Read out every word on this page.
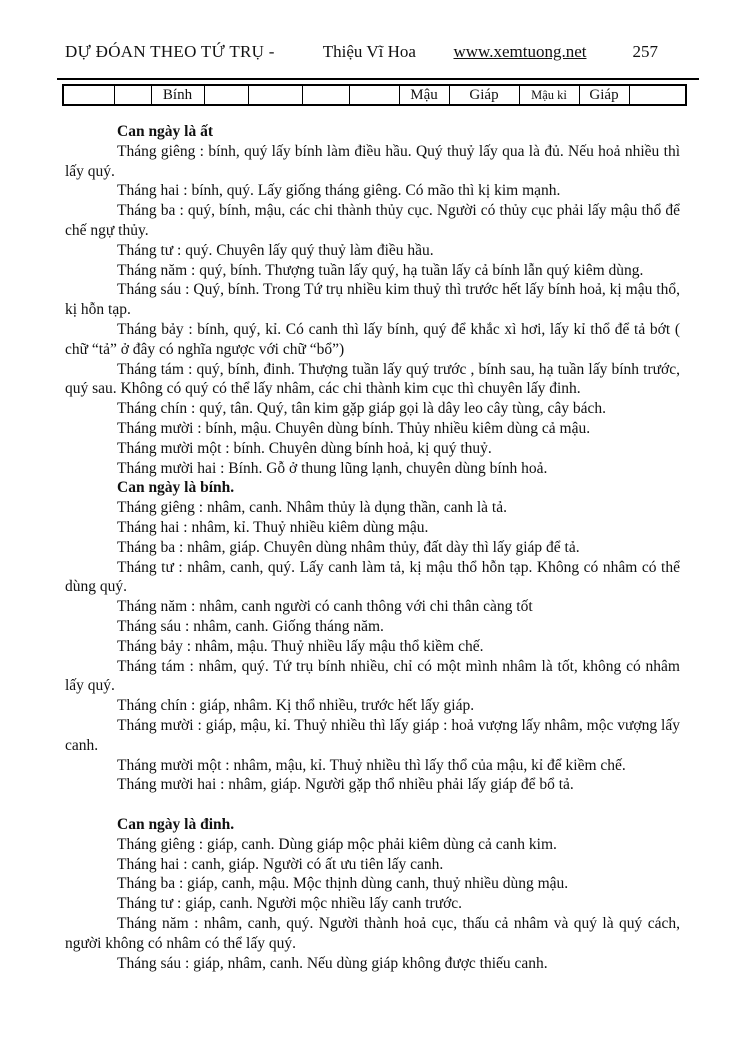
DỰ ĐÓAN THEO TỨ TRỤ -	Thiệu Vĩ Hoa www.xemtuong.net	257
		Bính					Mậu	Giáp	Mậu kỉ	Giáp	
Can ngày là ất

Tháng giêng : bính, quý lấy bính làm điều hầu. Quý thuỷ lấy qua là đủ. Nếu hoả nhiều thì lấy quý.

Tháng hai : bính, quý. Lấy giống tháng giêng. Có mão thì kị kim mạnh.

Tháng ba : quý, bính, mậu, các chi thành thủy cục. Người có thủy cục phải lấy mậu thổ để chế ngự thủy.

Tháng tư : quý. Chuyên lấy quý thuỷ làm điều hầu.

Tháng năm : quý, bính. Thượng tuần lấy quý, hạ tuần lấy cả bính lẫn quý kiêm dùng.

Tháng sáu : Quý, bính. Trong Tứ trụ nhiều kim thuỷ thì trước hết lấy bính hoả, kị mậu thổ, kị hỗn tạp.

Tháng bảy : bính, quý, kỉ. Có canh thì lấy bính, quý để khắc xì hơi, lấy kỉ thổ để tả bớt ( chữ “tả” ở đây có nghĩa ngược với chữ “bổ”)

Tháng tám : quý, bính, đinh. Thượng tuần lấy quý trước , bính sau, hạ tuần lấy bính trước, quý sau. Không có quý có thể lấy nhâm, các chi thành kim cục thì chuyên lấy đinh.

Tháng chín : quý, tân. Quý, tân kim gặp giáp gọi là dây leo cây tùng, cây bách.

Tháng mười : bính, mậu. Chuyên dùng bính. Thủy nhiều kiêm dùng cả mậu.

Tháng mười một : bính. Chuyên dùng bính hoả, kị quý thuỷ.

Tháng mười hai : Bính. Gỗ ở thung lũng lạnh, chuyên dùng bính hoả.

Can ngày là bính.

Tháng giêng : nhâm, canh. Nhâm thủy là dụng thần, canh là tả.

Tháng hai : nhâm, kỉ. Thuỷ nhiều kiêm dùng mậu.

Tháng ba : nhâm, giáp. Chuyên dùng nhâm thủy, đất dày thì lấy giáp để tả.

Tháng tư : nhâm, canh, quý. Lấy canh làm tả, kị mậu thổ hỗn tạp. Không có nhâm có thể dùng quý.

Tháng năm : nhâm, canh người có canh thông với chi thân càng tốt

Tháng sáu : nhâm, canh. Giống tháng năm.

Tháng bảy : nhâm, mậu. Thuỷ nhiều lấy mậu thổ kiềm chế.

Tháng tám : nhâm, quý. Tứ trụ bính nhiều, chỉ có một mình nhâm là tốt, không có nhâm lấy quý.

Tháng chín : giáp, nhâm. Kị thổ nhiều, trước hết lấy giáp.

Tháng mười : giáp, mậu, kỉ. Thuỷ nhiều thì lấy giáp : hoả vượng lấy nhâm, mộc vượng lấy canh.

Tháng mười một : nhâm, mậu, kỉ. Thuỷ nhiều thì lấy thổ của mậu, kỉ để kiềm chế.

Tháng mười hai : nhâm, giáp. Người gặp thổ nhiều phải lấy giáp để bổ tả.

Can ngày là đinh.

Tháng giêng : giáp, canh. Dùng giáp mộc phải kiêm dùng cả canh kim.

Tháng hai : canh, giáp. Người có ất ưu tiên lấy canh.

Tháng ba : giáp, canh, mậu. Mộc thịnh dùng canh, thuỷ nhiều dùng mậu.

Tháng tư : giáp, canh. Người mộc nhiều lấy canh trước.

Tháng năm : nhâm, canh, quý. Người thành hoả cục, thấu cả nhâm và quý là quý cách, người không có nhâm có thể lấy quý.

Tháng sáu : giáp, nhâm, canh. Nếu dùng giáp không được thiếu canh.
